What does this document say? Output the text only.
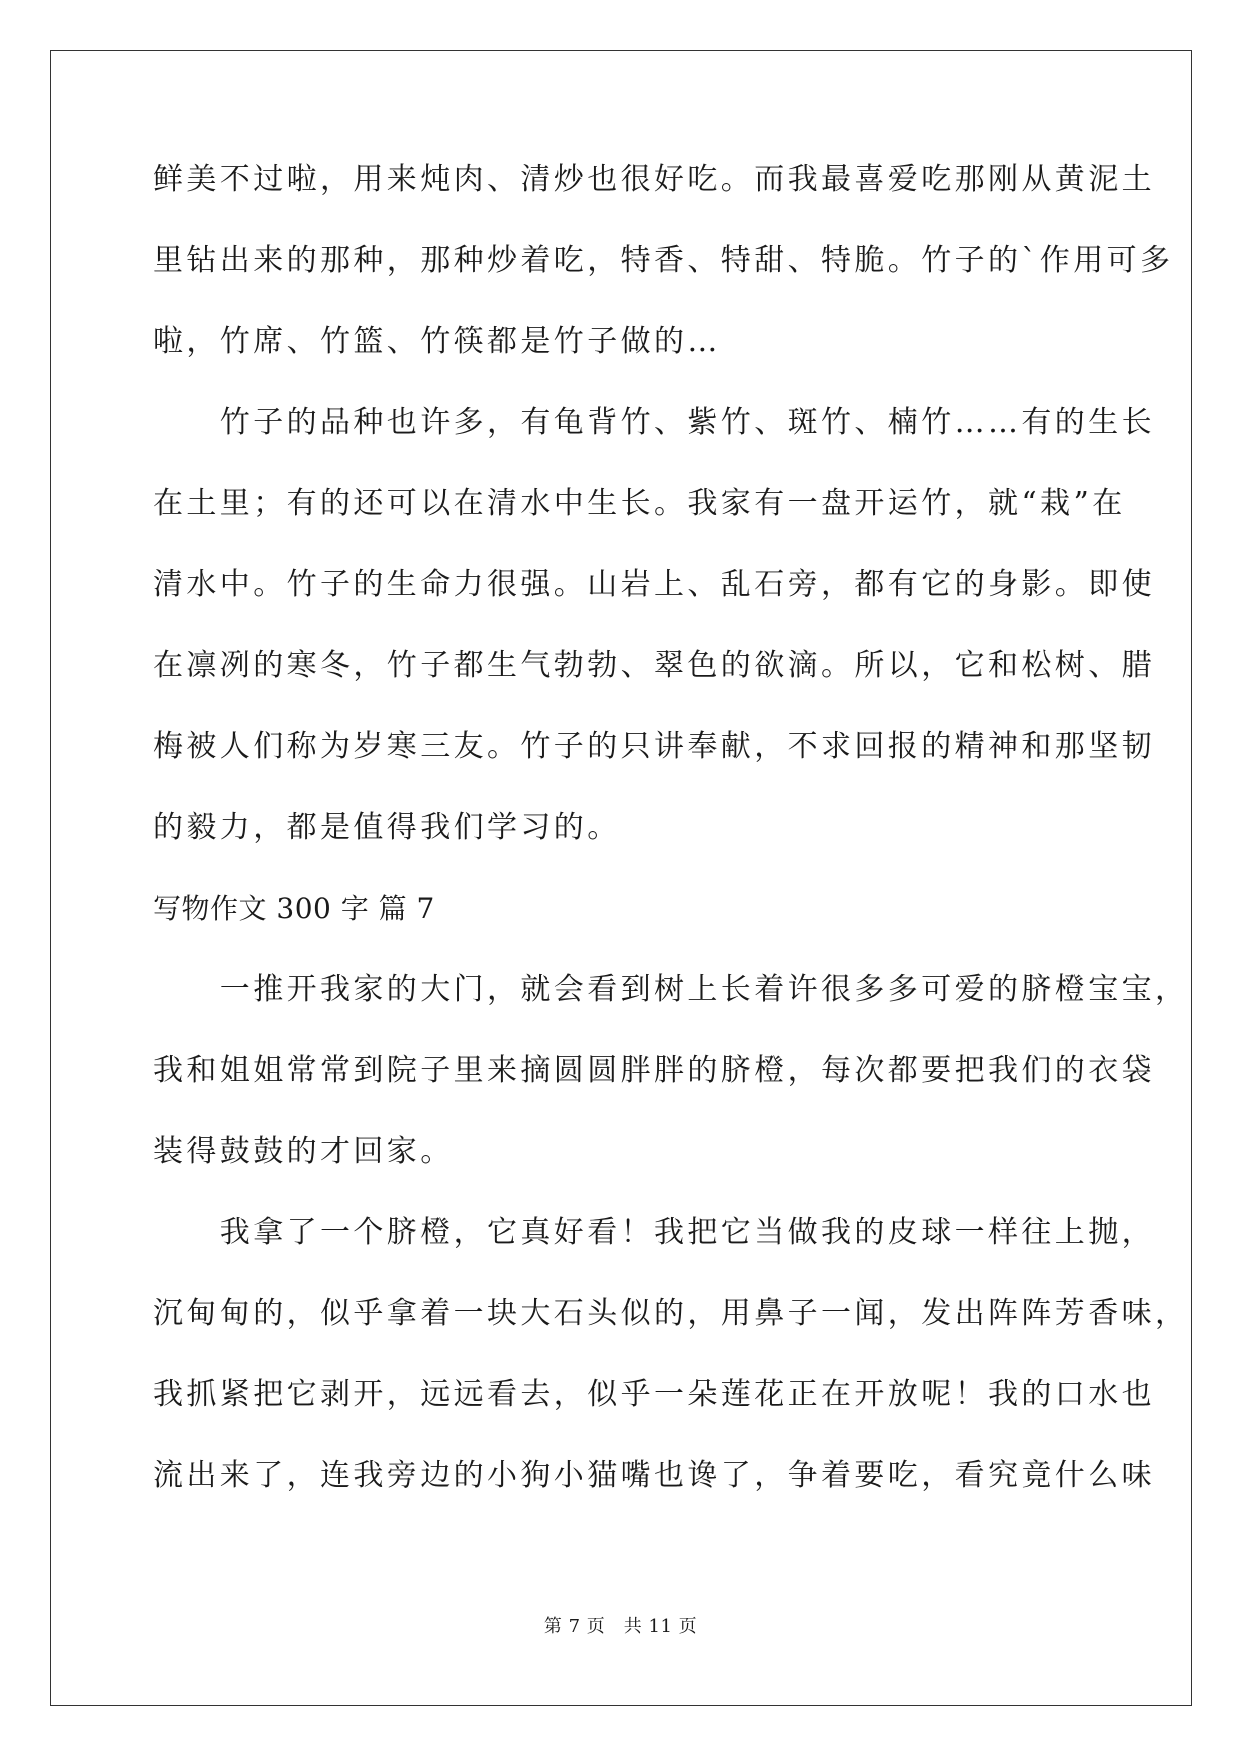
鲜美不过啦，用来炖肉、清炒也很好吃。而我最喜爱吃那刚从黄泥土
里钻出来的那种，那种炒着吃，特香、特甜、特脆。竹子的`作用可多
啦，竹席、竹篮、竹筷都是竹子做的…
　　竹子的品种也许多，有龟背竹、紫竹、斑竹、楠竹……有的生长
在土里；有的还可以在清水中生长。我家有一盘开运竹，就“栽”在
清水中。竹子的生命力很强。山岩上、乱石旁，都有它的身影。即使
在凛冽的寒冬，竹子都生气勃勃、翠色的欲滴。所以，它和松树、腊
梅被人们称为岁寒三友。竹子的只讲奉献，不求回报的精神和那坚韧
的毅力，都是值得我们学习的。
写物作文 300 字 篇 7
　　一推开我家的大门，就会看到树上长着许很多多可爱的脐橙宝宝，
我和姐姐常常到院子里来摘圆圆胖胖的脐橙，每次都要把我们的衣袋
装得鼓鼓的才回家。
　　我拿了一个脐橙，它真好看！我把它当做我的皮球一样往上抛，
沉甸甸的，似乎拿着一块大石头似的，用鼻子一闻，发出阵阵芳香味，
我抓紧把它剥开，远远看去，似乎一朵莲花正在开放呢！我的口水也
流出来了，连我旁边的小狗小猫嘴也谗了，争着要吃，看究竟什么味
第 7 页　共 11 页
